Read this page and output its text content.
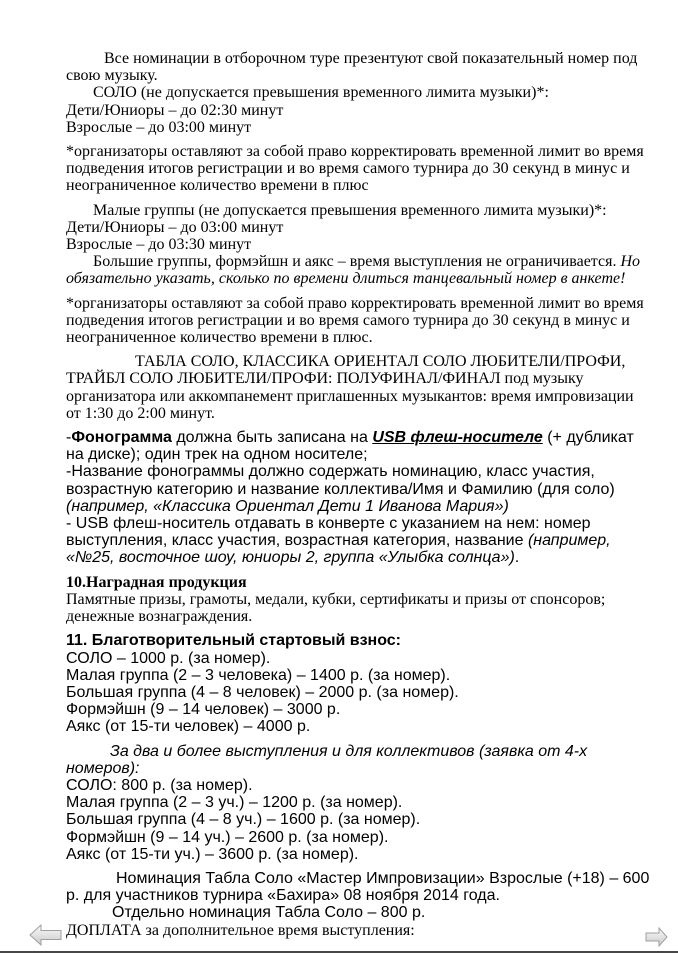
Все номинации в отборочном туре презентуют свой показательный номер под свою музыку.

СОЛО (не допускается превышения временного лимита музыки)*:

Дети/Юниоры – до 02:30 минут

Взрослые – до 03:00 минут

*организаторы оставляют за собой право корректировать временной лимит во время подведения итогов регистрации и во время самого турнира до 30 секунд в минус и неограниченное количество времени в плюс

Малые группы (не допускается превышения временного лимита музыки)*:

Дети/Юниоры – до 03:00 минут

Взрослые – до 03:30 минут

Большие группы, формэйшн и аякс – время выступления не ограничивается. Но обязательно указать, сколько по времени длиться танцевальный номер в анкете!

*организаторы оставляют за собой право корректировать временной лимит во время подведения итогов регистрации и во время самого турнира до 30 секунд в минус и неограниченное количество времени в плюс.

ТАБЛА СОЛО, КЛАССИКА ОРИЕНТАЛ СОЛО ЛЮБИТЕЛИ/ПРОФИ, ТРАЙБЛ СОЛО ЛЮБИТЕЛИ/ПРОФИ: ПОЛУФИНАЛ/ФИНАЛ под музыку организатора или аккомпанемент приглашенных музыкантов: время импровизации от 1:30 до 2:00 минут.

-Фонограмма должна быть записана на USB флеш-носителе (+ дубликат на диске); один трек на одном носителе;

-Название фонограммы должно содержать номинацию, класс участия, возрастную категорию и название коллектива/Имя и Фамилию (для соло) (например, «Классика Ориентал Дети 1 Иванова Мария»)

- USB флеш-носитель отдавать в конверте с указанием на нем: номер выступления, класс участия, возрастная категория, название (например, «№25, восточное шоу, юниоры 2, группа «Улыбка солнца»).

10.Наградная продукция

Памятные призы, грамоты, медали, кубки, сертификаты и призы от спонсоров; денежные вознаграждения.

11. Благотворительный стартовый взнос:

СОЛО – 1000 р. (за номер).

Малая группа (2 – 3 человека) – 1400 р. (за номер).

Большая группа (4 – 8 человек) – 2000 р. (за номер).

Формэйшн (9 – 14 человек) – 3000 р.

Аякс (от 15-ти человек) – 4000 р.

За два и более выступления и для коллективов (заявка от 4-х номеров):

СОЛО: 800 р. (за номер).

Малая группа (2 – 3 уч.) – 1200 р. (за номер).

Большая группа (4 – 8 уч.) – 1600 р. (за номер).

Формэйшн (9 – 14 уч.) – 2600 р. (за номер).

Аякс (от 15-ти уч.) – 3600 р. (за номер).

Номинация Табла Соло «Мастер Импровизации» Взрослые (+18) – 600 р. для участников турнира «Бахира» 08 ноября 2014 года.

Отдельно номинация Табла Соло – 800 р.

ДОПЛАТА за дополнительное время выступления:
